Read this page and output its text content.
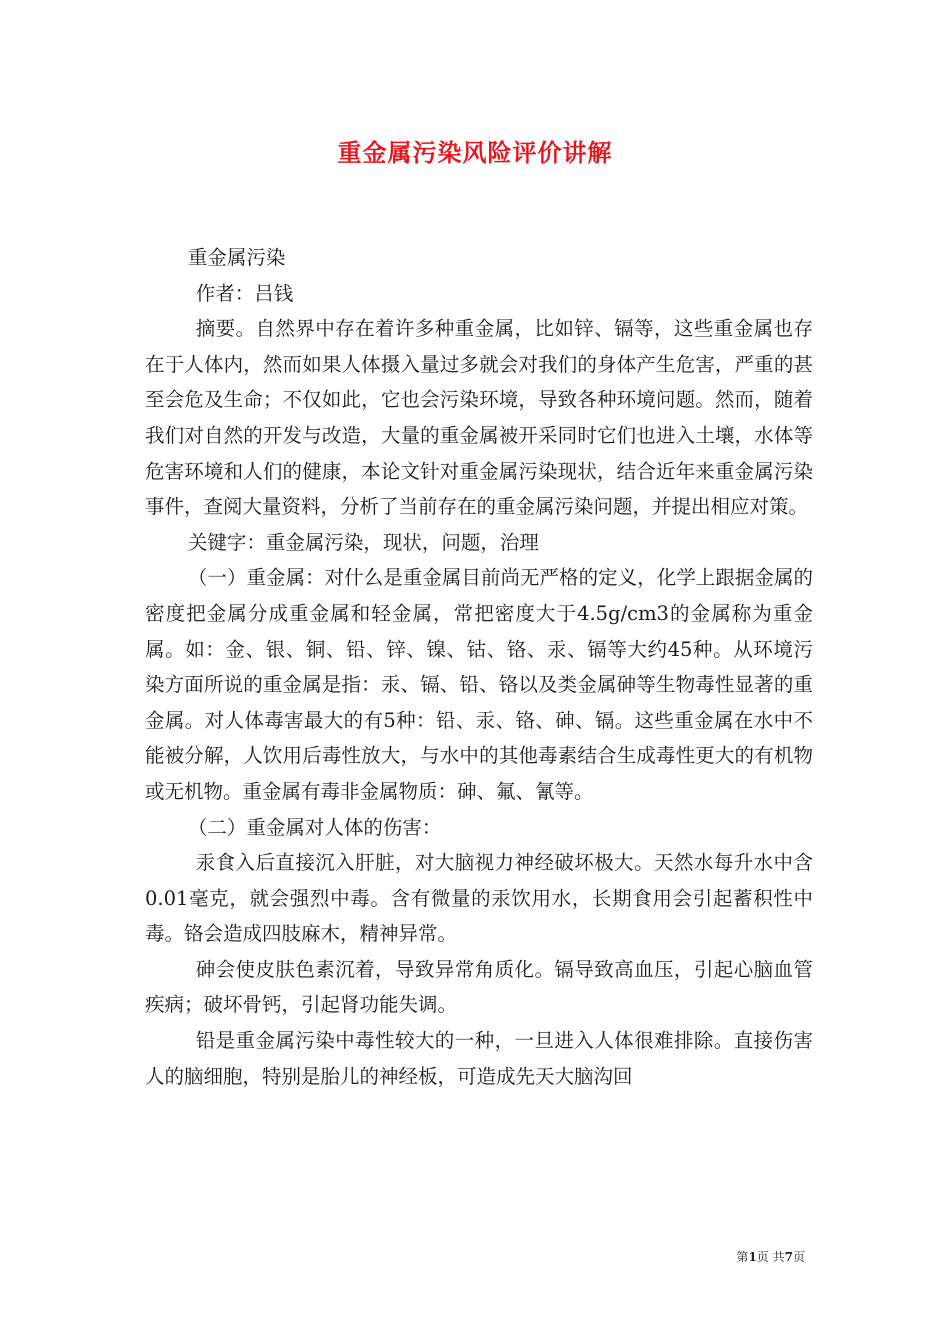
重金属污染风险评价讲解

重金属污染

作者：吕钱

摘要。自然界中存在着许多种重金属，比如锌、镉等，这些重金属也存在于人体内，然而如果人体摄入量过多就会对我们的身体产生危害，严重的甚至会危及生命；不仅如此，它也会污染环境，导致各种环境问题。然而，随着我们对自然的开发与改造，大量的重金属被开采同时它们也进入土壤，水体等危害环境和人们的健康，本论文针对重金属污染现状，结合近年来重金属污染事件，查阅大量资料，分析了当前存在的重金属污染问题，并提出相应对策。

关键字：重金属污染，现状，问题，治理

（一）重金属：对什么是重金属目前尚无严格的定义，化学上跟据金属的密度把金属分成重金属和轻金属，常把密度大于4.5g/cm3的金属称为重金属。如：金、银、铜、铅、锌、镍、钴、铬、汞、镉等大约45种。从环境污染方面所说的重金属是指：汞、镉、铅、铬以及类金属砷等生物毒性显著的重金属。对人体毒害最大的有5种：铅、汞、铬、砷、镉。这些重金属在水中不能被分解，人饮用后毒性放大，与水中的其他毒素结合生成毒性更大的有机物或无机物。重金属有毒非金属物质：砷、氟、氰等。

（二）重金属对人体的伤害：

汞食入后直接沉入肝脏，对大脑视力神经破坏极大。天然水每升水中含0.01毫克，就会强烈中毒。含有微量的汞饮用水，长期食用会引起蓄积性中毒。铬会造成四肢麻木，精神异常。

砷会使皮肤色素沉着，导致异常角质化。镉导致高血压，引起心脑血管疾病；破坏骨钙，引起肾功能失调。

铅是重金属污染中毒性较大的一种，一旦进入人体很难排除。直接伤害人的脑细胞，特别是胎儿的神经板，可造成先天大脑沟回

第1页 共7页
